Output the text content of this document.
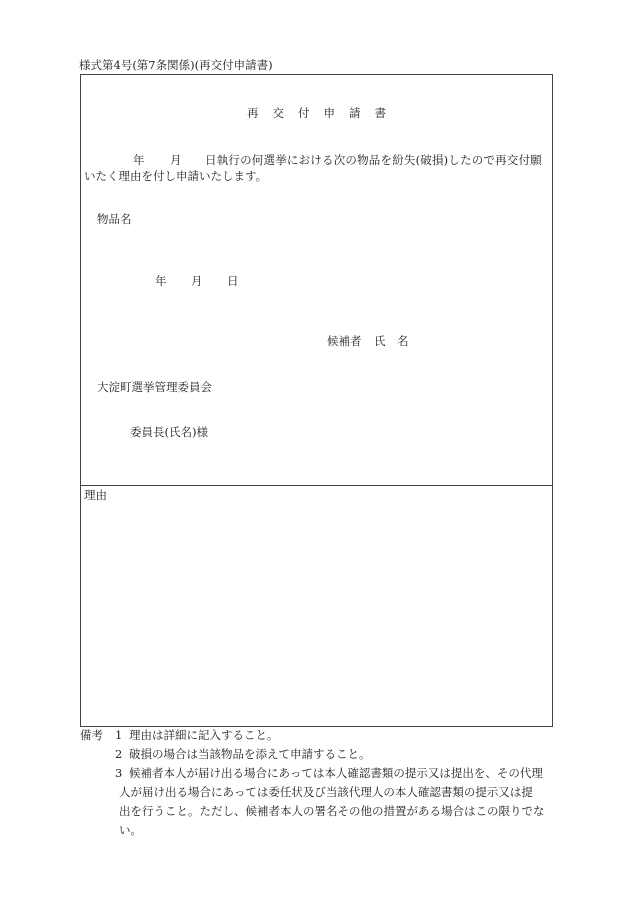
様式第4号(第7条関係)(再交付申請書)
再 交 付 申 請 書
年 月 日執行の何選挙における次の物品を紛失(破損)したので再交付願
いたく理由を付し申請いたします。
物品名
年 月 日
候補者 氏 名
大淀町選挙管理委員会
委員長(氏名)様
理由
備考 1 理由は詳細に記入すること。
2 破損の場合は当該物品を添えて申請すること。
3 候補者本人が届け出る場合にあっては本人確認書類の提示又は提出を、その代理
人が届け出る場合にあっては委任状及び当該代理人の本人確認書類の提示又は提
出を行うこと。ただし、候補者本人の署名その他の措置がある場合はこの限りでな
い。
